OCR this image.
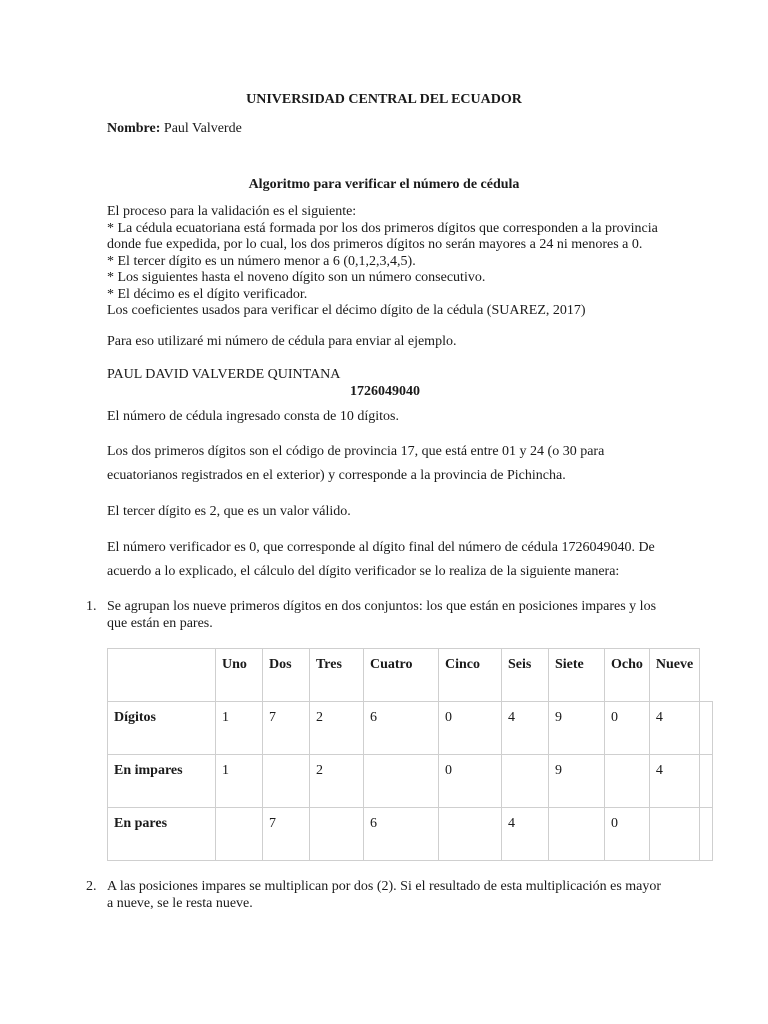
UNIVERSIDAD CENTRAL DEL ECUADOR
Nombre: Paul Valverde
Algoritmo para verificar el número de cédula
El proceso para la validación es el siguiente:
* La cédula ecuatoriana está formada por los dos primeros dígitos que corresponden a la provincia
donde fue expedida, por lo cual, los dos primeros dígitos no serán mayores a 24 ni menores a 0.
* El tercer dígito es un número menor a 6 (0,1,2,3,4,5).
* Los siguientes hasta el noveno dígito son un número consecutivo.
* El décimo es el dígito verificador.
Los coeficientes usados para verificar el décimo dígito de la cédula (SUAREZ, 2017)
Para eso utilizaré mi número de cédula para enviar al ejemplo.
PAUL DAVID VALVERDE QUINTANA
1726049040
El número de cédula ingresado consta de 10 dígitos.
Los dos primeros dígitos son el código de provincia 17, que está entre 01 y 24 (o 30 para
ecuatorianos registrados en el exterior) y corresponde a la provincia de Pichincha.
El tercer dígito es 2, que es un valor válido.
El número verificador es 0, que corresponde al dígito final del número de cédula 1726049040. De
acuerdo a lo explicado, el cálculo del dígito verificador se lo realiza de la siguiente manera:
1. Se agrupan los nueve primeros dígitos en dos conjuntos: los que están en posiciones impares y los
que están en pares.
	Uno	Dos	Tres	Cuatro	Cinco	Seis	Siete	Ocho	Nueve	
Dígitos	1	7	2	6	0	4	9	0	4	
En impares	1		2		0		9		4	
En pares		7		6		4		0		
2. A las posiciones impares se multiplican por dos (2). Si el resultado de esta multiplicación es mayor
a nueve, se le resta nueve.
